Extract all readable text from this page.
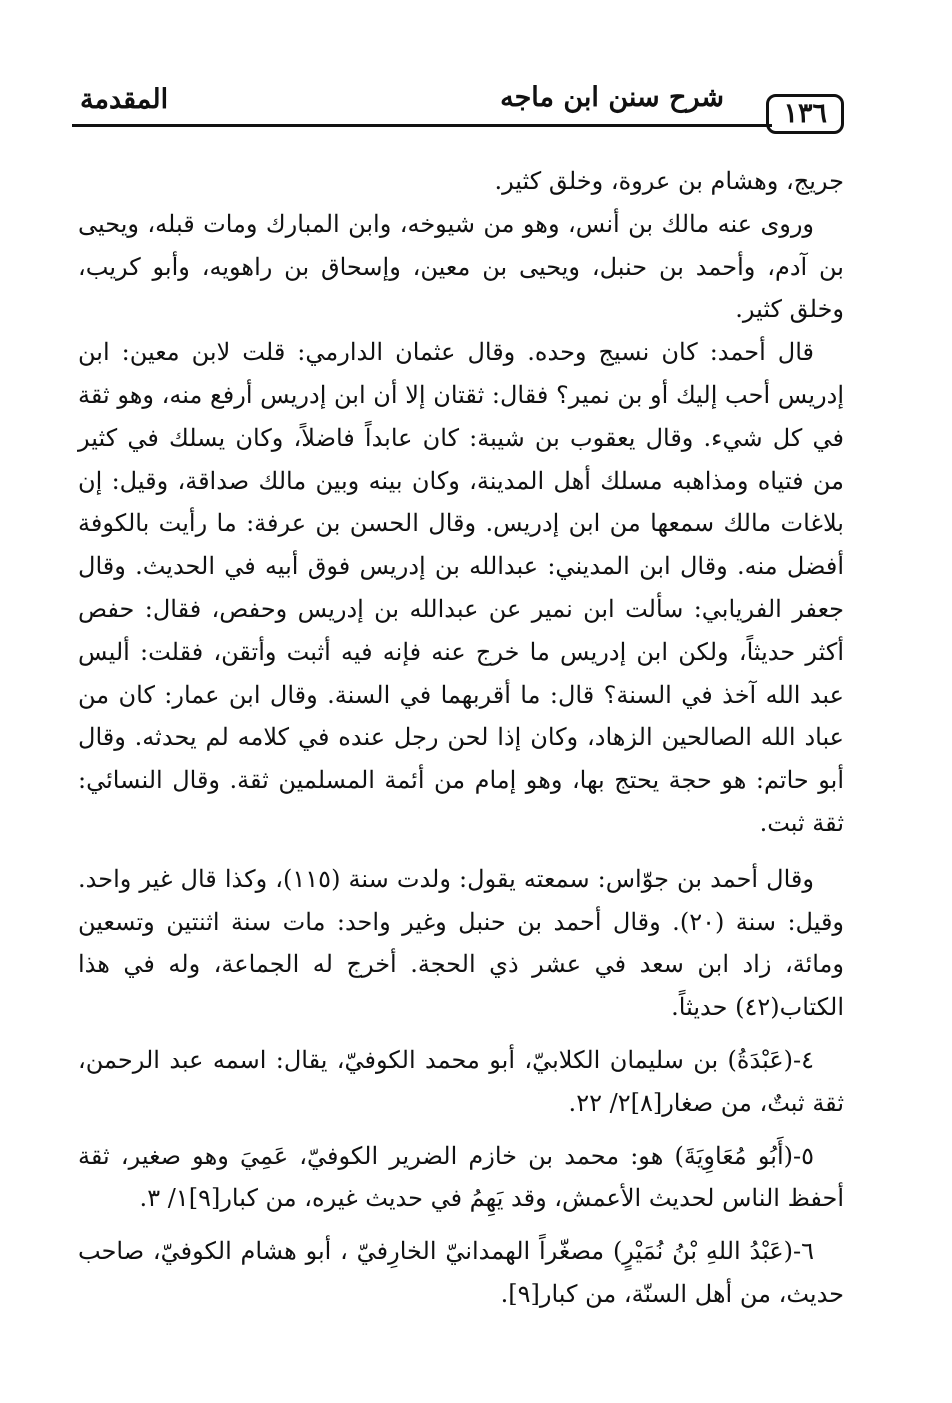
١٣٦
شرح سنن ابن ماجه
المقدمة

جريج، وهشام بن عروة، وخلق كثير.

وروى عنه مالك بن أنس، وهو من شيوخه، وابن المبارك ومات قبله، ويحيى بن آدم، وأحمد بن حنبل، ويحيى بن معين، وإسحاق بن راهويه، وأبو كريب، وخلق كثير.

قال أحمد: كان نسيج وحده. وقال عثمان الدارمي: قلت لابن معين: ابن إدريس أحب إليك أو بن نمير؟ فقال: ثقتان إلا أن ابن إدريس أرفع منه، وهو ثقة في كل شيء. وقال يعقوب بن شيبة: كان عابداً فاضلاً، وكان يسلك في كثير من فتياه ومذاهبه مسلك أهل المدينة، وكان بينه وبين مالك صداقة، وقيل: إن بلاغات مالك سمعها من ابن إدريس. وقال الحسن بن عرفة: ما رأيت بالكوفة أفضل منه. وقال ابن المديني: عبدالله بن إدريس فوق أبيه في الحديث. وقال جعفر الفريابي: سألت ابن نمير عن عبدالله بن إدريس وحفص، فقال: حفص أكثر حديثاً، ولكن ابن إدريس ما خرج عنه فإنه فيه أثبت وأتقن، فقلت: أليس عبد الله آخذ في السنة؟ قال: ما أقربهما في السنة. وقال ابن عمار: كان من عباد الله الصالحين الزهاد، وكان إذا لحن رجل عنده في كلامه لم يحدثه. وقال أبو حاتم: هو حجة يحتج بها، وهو إمام من أئمة المسلمين ثقة. وقال النسائي: ثقة ثبت.

وقال أحمد بن جوّاس: سمعته يقول: ولدت سنة (١١٥)، وكذا قال غير واحد. وقيل: سنة (٢٠). وقال أحمد بن حنبل وغير واحد: مات سنة اثنتين وتسعين ومائة، زاد ابن سعد في عشر ذي الحجة. أخرج له الجماعة، وله في هذا الكتاب(٤٢) حديثاً.

٤-(عَبْدَةُ) بن سليمان الكلابيّ، أبو محمد الكوفيّ، يقال: اسمه عبد الرحمن، ثقة ثبتٌ، من صغار[٨]٢/ ٢٢.

٥-(أَبُو مُعَاوِيَةَ) هو: محمد بن خازم الضرير الكوفيّ، عَمِيَ وهو صغير، ثقة أحفظ الناس لحديث الأعمش، وقد يَهِمُ في حديث غيره، من كبار[٩]١/ ٣.

٦-(عَبْدُ اللهِ بْنُ نُمَيْرٍ) مصغّراً الهمدانيّ الخارِفيّ ، أبو هشام الكوفيّ، صاحب حديث، من أهل السنّة، من كبار[٩].
